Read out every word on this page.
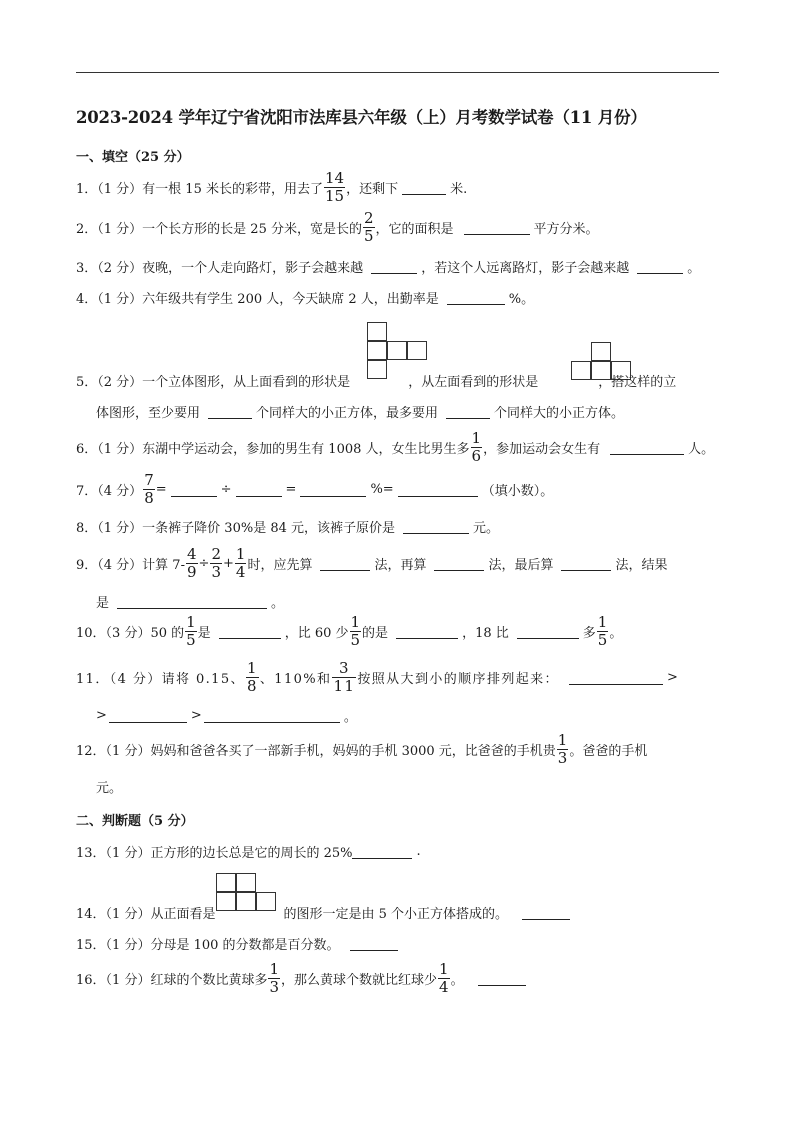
2023-2024 学年辽宁省沈阳市法库县六年级（上）月考数学试卷（11 月份）
一、填空（25 分）
1．（1 分）有一根 15 米长的彩带，用去了 $\frac{14}{15}$ ，还剩下	米.
2．（1 分）一个长方形的长是 25 分米，宽是长的 $\frac{2}{5}$ ，它的面积是	平方分米。
3．（2 分）夜晚，一个人走向路灯，影子会越来越	，若这个人远离路灯，影子会越来越	。
4．（1 分）六年级共有学生 200 人，今天缺席 2 人，出勤率是	%。
5．（2 分）一个立体图形，从上面看到的形状是	，从左面看到的形状是	，搭这样的立
体图形，至少要用	个同样大的小正方体，最多要用	个同样大的小正方体。
6．（1 分）东湖中学运动会，参加的男生有 1008 人，女生比男生多 $\frac{1}{6}$ ，参加运动会女生有	人。
7．（4 分） $\frac{7}{8}$ =	÷	=	%=	（填小数）。
8．（1 分）一条裤子降价 30%是 84 元，该裤子原价是	元。
9．（4 分）计算 $7- \frac{4}{9} \div \frac{2}{3} + \frac{1}{4}$ 时，应先算	法，再算	法，最后算	法，结果
是	。
10．（3 分）50 的 $\frac{1}{5}$ 是	，比 60 少 $\frac{1}{5}$ 的是	，18 比	多 $\frac{1}{5}$ 。
11．（4 分）请将 0.15、 $\frac{1}{8}$ 、110%和 $\frac{3}{11}$ 按照从大到小的顺序排列起来：	>
>	>	。
12．（1 分）妈妈和爸爸各买了一部新手机，妈妈的手机 3000 元，比爸爸的手机贵 $\frac{1}{3}$ 。爸爸的手机
元。
二、判断题（5 分）
13．（1 分）正方形的边长总是它的周长的 25%	.
14．（1 分）从正面看是	的图形一定是由 5 个小正方体搭成的。
15．（1 分）分母是 100 的分数都是百分数。
16．（1 分）红球的个数比黄球多 $\frac{1}{3}$ ，那么黄球个数就比红球少 $\frac{1}{4}$ 。
